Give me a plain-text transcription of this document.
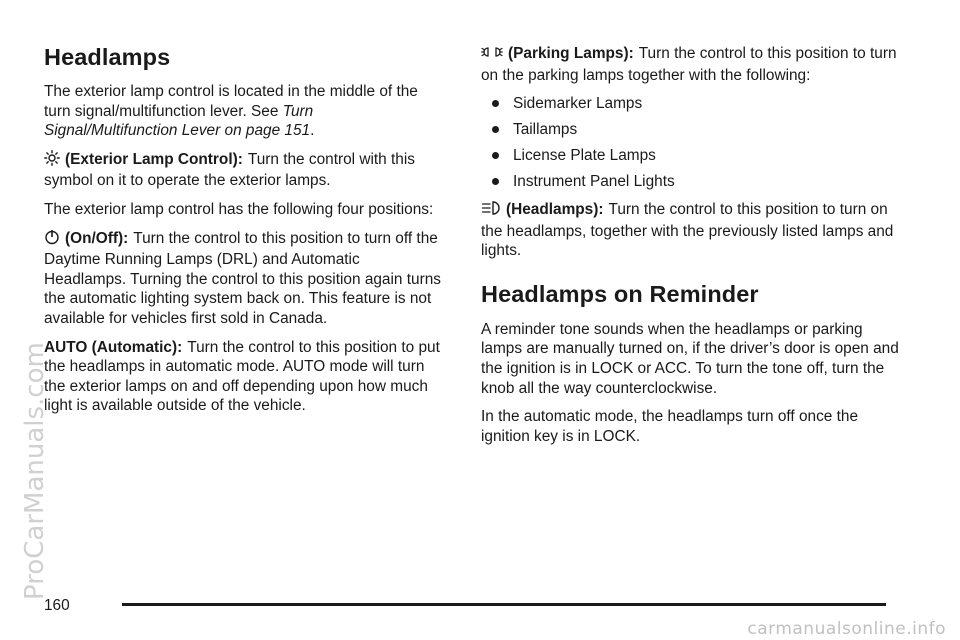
Headlamps

The exterior lamp control is located in the middle of the turn signal/multifunction lever. See Turn Signal/Multifunction Lever on page 151.

(Exterior Lamp Control): Turn the control with this symbol on it to operate the exterior lamps.

The exterior lamp control has the following four positions:

(On/Off): Turn the control to this position to turn off the Daytime Running Lamps (DRL) and Automatic Headlamps. Turning the control to this position again turns the automatic lighting system back on. This feature is not available for vehicles first sold in Canada.

AUTO (Automatic): Turn the control to this position to put the headlamps in automatic mode. AUTO mode will turn the exterior lamps on and off depending upon how much light is available outside of the vehicle.

(Parking Lamps): Turn the control to this position to turn on the parking lamps together with the following:

Sidemarker Lamps
Taillamps
License Plate Lamps
Instrument Panel Lights

(Headlamps): Turn the control to this position to turn on the headlamps, together with the previously listed lamps and lights.

Headlamps on Reminder

A reminder tone sounds when the headlamps or parking lamps are manually turned on, if the driver’s door is open and the ignition is in LOCK or ACC. To turn the tone off, turn the knob all the way counterclockwise.

In the automatic mode, the headlamps turn off once the ignition key is in LOCK.

160
ProCarManuals.com
carmanualsonline.info
